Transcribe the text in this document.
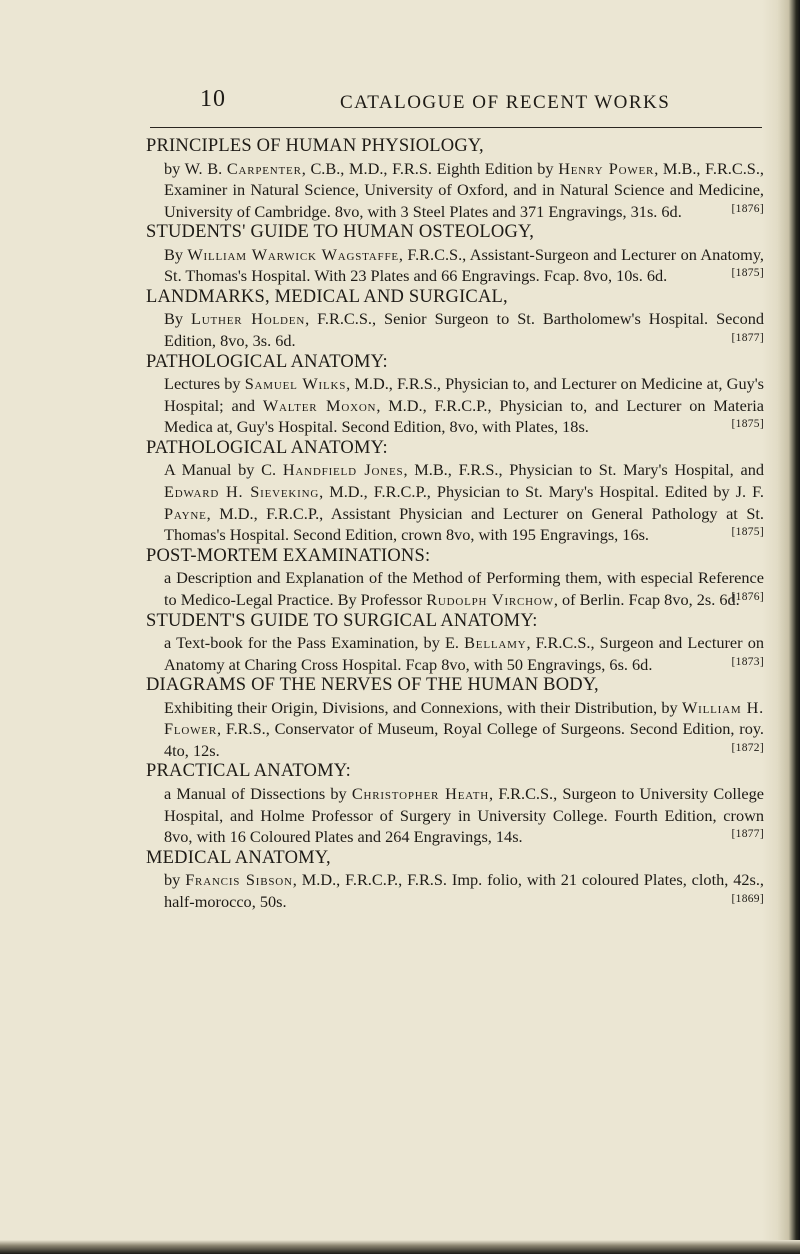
10	CATALOGUE OF RECENT WORKS
PRINCIPLES OF HUMAN PHYSIOLOGY,
by W. B. Carpenter, C.B., M.D., F.R.S. Eighth Edition by Henry Power, M.B., F.R.C.S., Examiner in Natural Science, University of Oxford, and in Natural Science and Medicine, University of Cambridge. 8vo, with 3 Steel Plates and 371 Engravings, 31s. 6d.	[1876]
STUDENTS' GUIDE TO HUMAN OSTEOLOGY,
By William Warwick Wagstaffe, F.R.C.S., Assistant-Surgeon and Lecturer on Anatomy, St. Thomas's Hospital. With 23 Plates and 66 Engravings. Fcap. 8vo, 10s. 6d.	[1875]
LANDMARKS, MEDICAL AND SURGICAL,
By Luther Holden, F.R.C.S., Senior Surgeon to St. Bartholomew's Hospital. Second Edition, 8vo, 3s. 6d.	[1877]
PATHOLOGICAL ANATOMY:
Lectures by Samuel Wilks, M.D., F.R.S., Physician to, and Lecturer on Medicine at, Guy's Hospital; and Walter Moxon, M.D., F.R.C.P., Physician to, and Lecturer on Materia Medica at, Guy's Hospital. Second Edition, 8vo, with Plates, 18s.	[1875]
PATHOLOGICAL ANATOMY:
A Manual by C. Handfield Jones, M.B., F.R.S., Physician to St. Mary's Hospital, and Edward H. Sieveking, M.D., F.R.C.P., Physician to St. Mary's Hospital. Edited by J. F. Payne, M.D., F.R.C.P., Assistant Physician and Lecturer on General Pathology at St. Thomas's Hospital. Second Edition, crown 8vo, with 195 Engravings, 16s.	[1875]
POST-MORTEM EXAMINATIONS:
a Description and Explanation of the Method of Performing them, with especial Reference to Medico-Legal Practice. By Professor Rudolph Virchow, of Berlin. Fcap 8vo, 2s. 6d.
[1876]
STUDENT'S GUIDE TO SURGICAL ANATOMY:
a Text-book for the Pass Examination, by E. Bellamy, F.R.C.S., Surgeon and Lecturer on Anatomy at Charing Cross Hospital. Fcap 8vo, with 50 Engravings, 6s. 6d.	[1873]
DIAGRAMS OF THE NERVES OF THE HUMAN BODY,
Exhibiting their Origin, Divisions, and Connexions, with their Distribution, by William H. Flower, F.R.S., Conservator of Museum, Royal College of Surgeons. Second Edition, roy. 4to, 12s.	[1872]
PRACTICAL ANATOMY:
a Manual of Dissections by Christopher Heath, F.R.C.S., Surgeon to University College Hospital, and Holme Professor of Surgery in University College. Fourth Edition, crown 8vo, with 16 Coloured Plates and 264 Engravings, 14s.	[1877]
MEDICAL ANATOMY,
by Francis Sibson, M.D., F.R.C.P., F.R.S. Imp. folio, with 21 coloured Plates, cloth, 42s., half-morocco, 50s.	[1869]
